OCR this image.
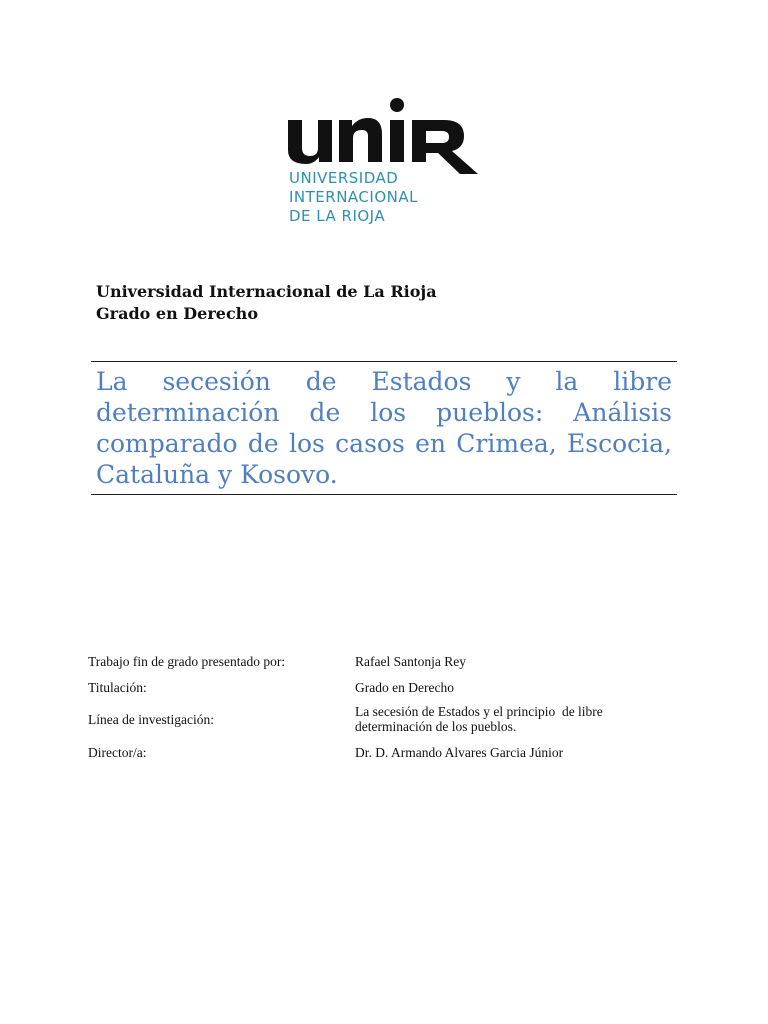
UNIVERSIDAD
INTERNACIONAL
DE LA RIOJA
Universidad Internacional de La Rioja
Grado en Derecho

La secesión de Estados y la libre determinación de los pueblos: Análisis comparado de los casos en Crimea, Escocia, Cataluña y Kosovo.

Trabajo fin de grado presentado por:	Rafael Santonja Rey
Titulación:	Grado en Derecho
Línea de investigación:
La secesión de Estados y el principio  de libre
determinación de los pueblos.
Director/a:	Dr. D. Armando Alvares Garcia Júnior
